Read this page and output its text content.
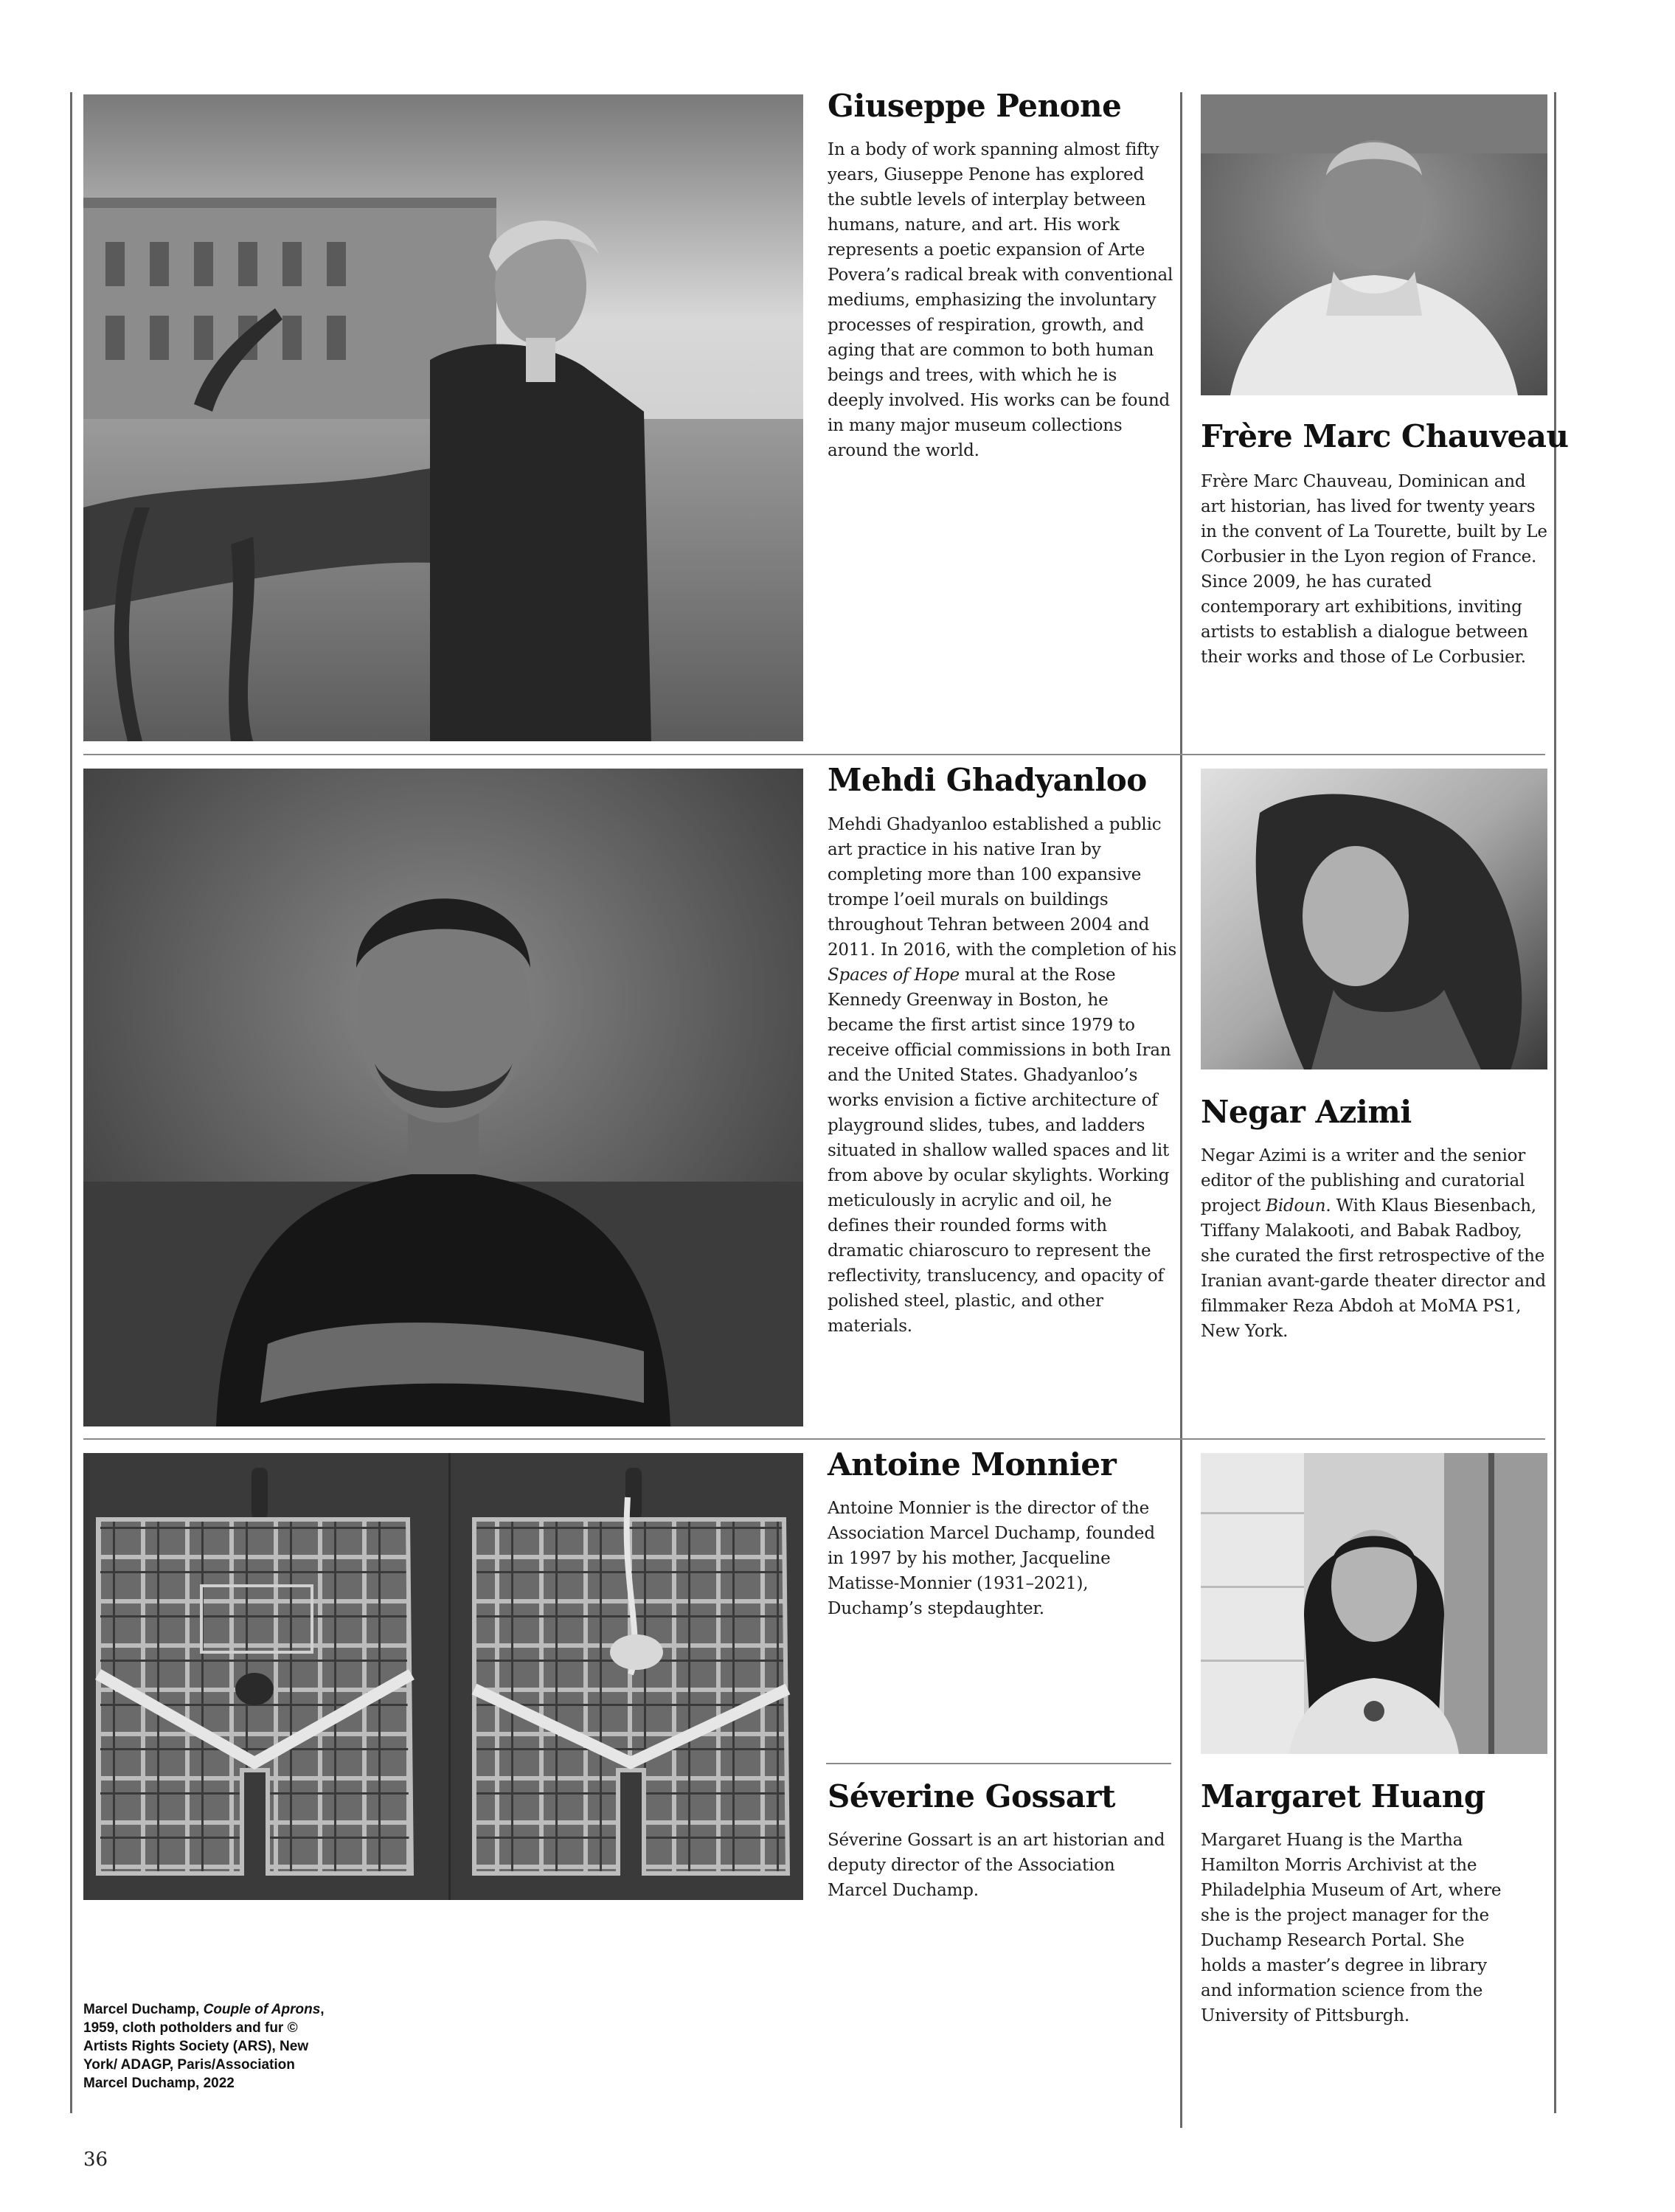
Giuseppe Penone

In a body of work spanning almost fifty years, Giuseppe Penone has explored the subtle levels of interplay between humans, nature, and art. His work represents a poetic expansion of Arte Povera’s radical break with conventional mediums, emphasizing the involuntary processes of respiration, growth, and aging that are common to both human beings and trees, with which he is deeply involved. His works can be found in many major museum collections around the world.	Frère Marc Chauveau

Frère Marc Chauveau, Dominican and art historian, has lived for twenty years in the convent of La Tourette, built by Le Corbusier in the Lyon region of France. Since 2009, he has curated contemporary art exhibitions, inviting artists to establish a dialogue between their works and those of Le Corbusier.

Mehdi Ghadyanloo

Mehdi Ghadyanloo established a public art practice in his native Iran by completing more than 100 expansive trompe l’oeil murals on buildings throughout Tehran between 2004 and 2011. In 2016, with the completion of his Spaces of Hope mural at the Rose Kennedy Greenway in Boston, he became the first artist since 1979 to receive official commissions in both Iran and the United States. Ghadyanloo’s works envision a fictive architecture of playground slides, tubes, and ladders situated in shallow walled spaces and lit from above by ocular skylights. Working meticulously in acrylic and oil, he defines their rounded forms with dramatic chiaroscuro to represent the reflectivity, translucency, and opacity of polished steel, plastic, and other materials.

Negar Azimi

Negar Azimi is a writer and the senior editor of the publishing and curatorial project Bidoun. With Klaus Biesenbach, Tiffany Malakooti, and Babak Radboy, she curated the first retrospective of the Iranian avant-garde theater director and filmmaker Reza Abdoh at MoMA PS1, New York.

Antoine Monnier

Antoine Monnier is the director of the Association Marcel Duchamp, founded in 1997 by his mother, Jacqueline Matisse-Monnier (1931–2021), Duchamp’s stepdaughter.

Séverine Gossart

Séverine Gossart is an art historian and deputy director of the Association Marcel Duchamp.

Margaret Huang

Margaret Huang is the Martha Hamilton Morris Archivist at the Philadelphia Museum of Art, where she is the project manager for the Duchamp Research Portal. She holds a master’s degree in library and information science from the University of Pittsburgh.

Marcel Duchamp, Couple of Aprons, 1959, cloth potholders and fur © Artists Rights Society (ARS), New York/ ADAGP, Paris/Association Marcel Duchamp, 2022

36
